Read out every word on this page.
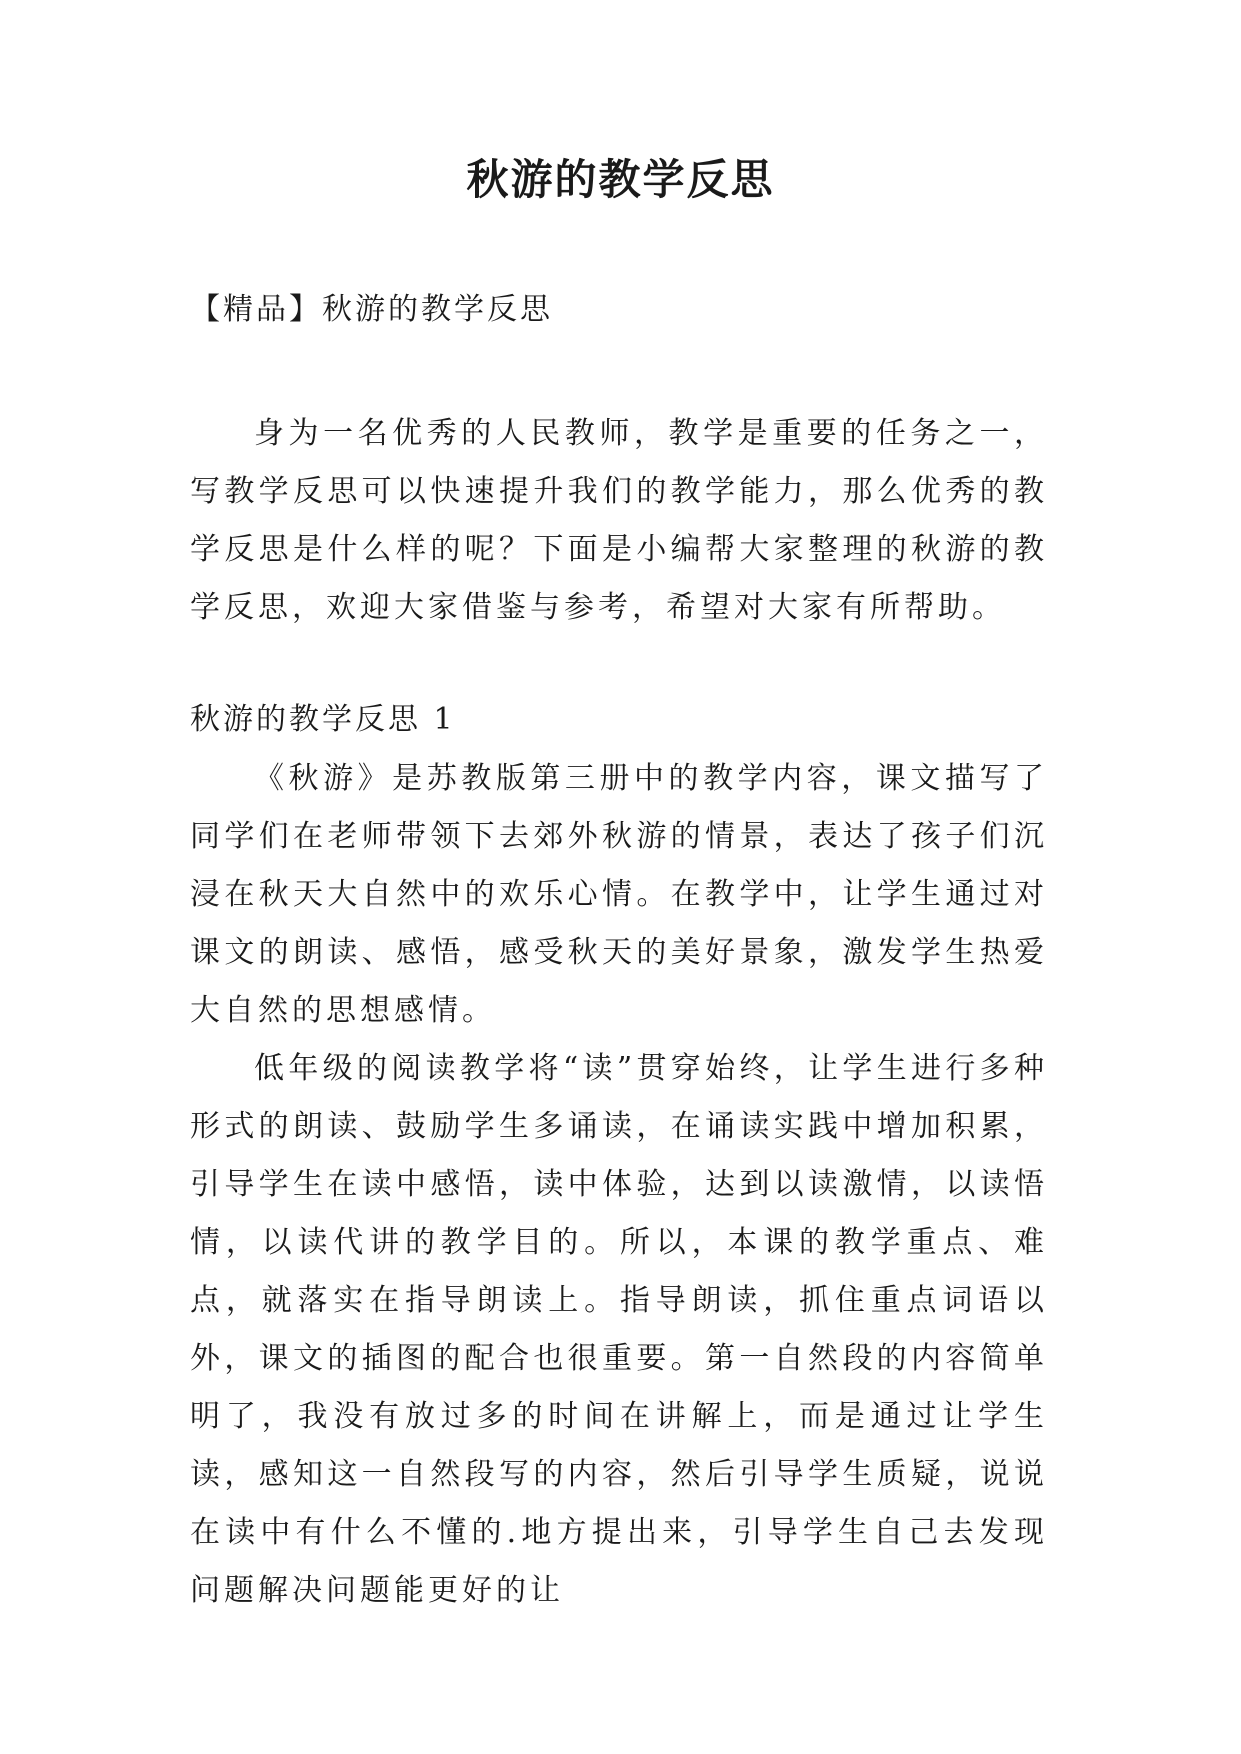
秋游的教学反思

【精品】秋游的教学反思

身为一名优秀的人民教师，教学是重要的任务之一，写教学反思可以快速提升我们的教学能力，那么优秀的教学反思是什么样的呢？下面是小编帮大家整理的秋游的教学反思，欢迎大家借鉴与参考，希望对大家有所帮助。

秋游的教学反思 1

《秋游》是苏教版第三册中的教学内容，课文描写了同学们在老师带领下去郊外秋游的情景，表达了孩子们沉浸在秋天大自然中的欢乐心情。在教学中，让学生通过对课文的朗读、感悟，感受秋天的美好景象，激发学生热爱大自然的思想感情。

低年级的阅读教学将“读”贯穿始终，让学生进行多种形式的朗读、鼓励学生多诵读，在诵读实践中增加积累，引导学生在读中感悟，读中体验，达到以读激情，以读悟情，以读代讲的教学目的。所以，本课的教学重点、难点，就落实在指导朗读上。指导朗读，抓住重点词语以外，课文的插图的配合也很重要。第一自然段的内容简单明了，我没有放过多的时间在讲解上，而是通过让学生读，感知这一自然段写的内容，然后引导学生质疑，说说在读中有什么不懂的.地方提出来，引导学生自己去发现问题解决问题能更好的让
